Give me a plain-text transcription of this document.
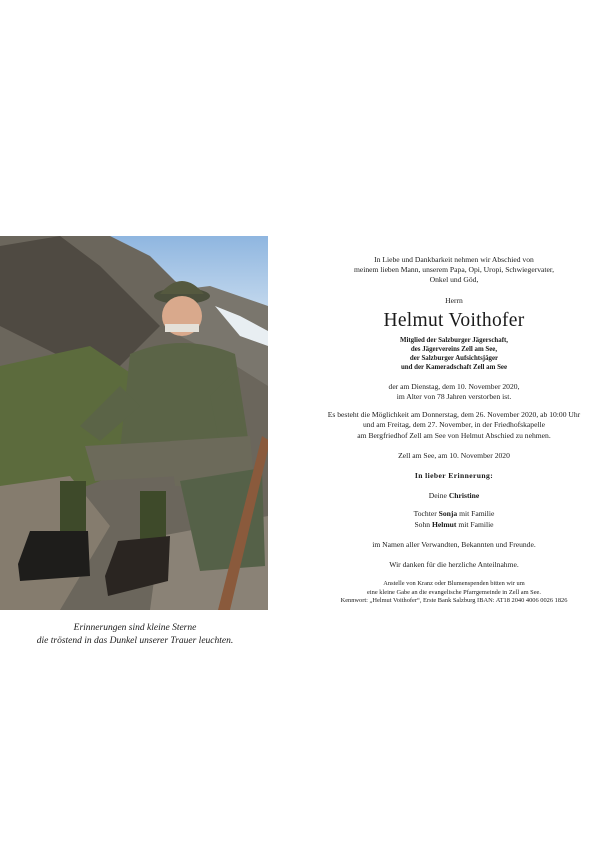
Erinnerungen sind kleine Sterne
die tröstend in das Dunkel unserer Trauer leuchten.

In Liebe und Dankbarkeit nehmen wir Abschied von

meinem lieben Mann, unserem Papa, Opi, Uropi, Schwiegervater,

Onkel und Göd,

Herrn

Helmut Voithofer

Mitglied der Salzburger Jägerschaft,

des Jägervereins Zell am See,

der Salzburger Aufsichtsjäger

und der Kameradschaft Zell am See

der am Dienstag, dem 10. November 2020,

im Alter von 78 Jahren verstorben ist.

Es besteht die Möglichkeit am Donnerstag, dem 26. November 2020, ab 10:00 Uhr

und am Freitag, dem 27. November, in der Friedhofskapelle

am Bergfriedhof Zell am See von Helmut Abschied zu nehmen.

Zell am See, am 10. November 2020

In lieber Erinnerung:

Deine Christine

Tochter Sonja mit Familie

Sohn Helmut mit Familie

im Namen aller Verwandten, Bekannten und Freunde.

Wir danken für die herzliche Anteilnahme.

Anstelle von Kranz oder Blumenspenden bitten wir um

eine kleine Gabe an die evangelische Pfarrgemeinde in Zell am See.

Kennwort: „Helmut Voithofer“, Erste Bank Salzburg IBAN: AT18 2040 4006 0026 1826
